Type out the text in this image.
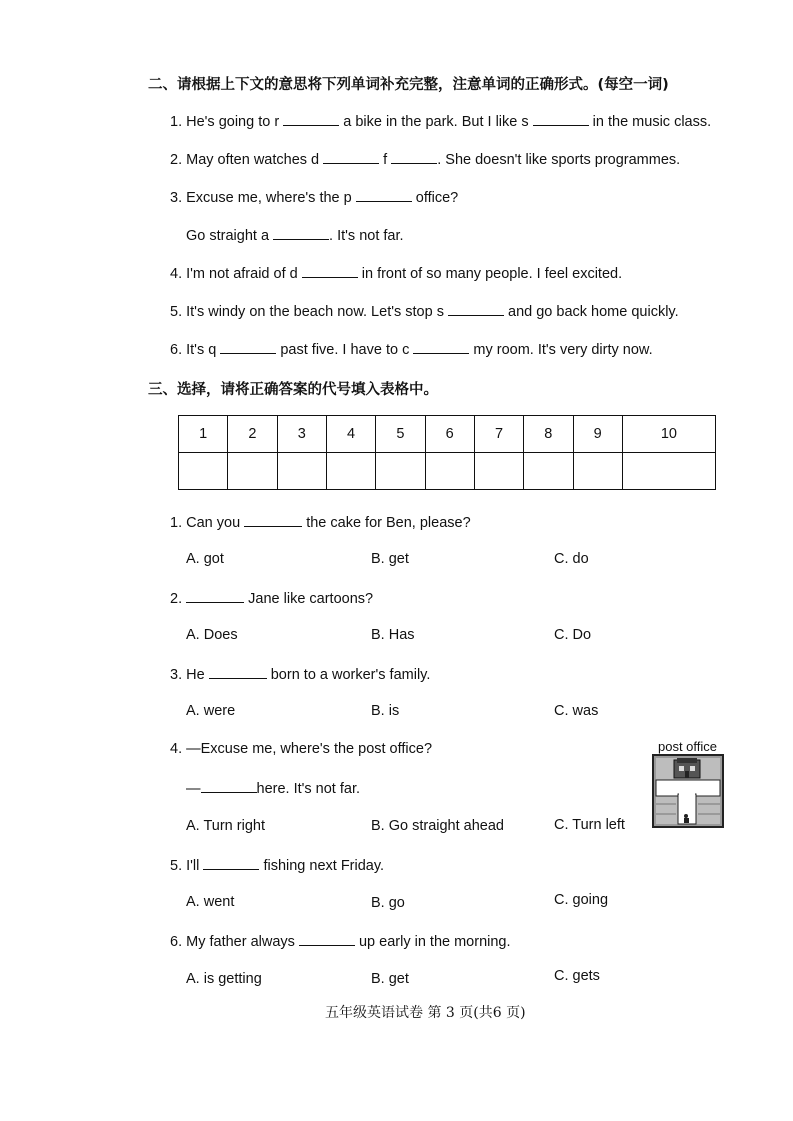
二、请根据上下文的意思将下列单词补充完整，注意单词的正确形式。(每空一词)
1. He's going to r	a bike in the park. But I like s	in the music class.
2. May often watches d	f	. She doesn't like sports programmes.
3. Excuse me, where's the p	office?
Go straight a	. It's not far.
4. I'm not afraid of d	in front of so many people. I feel excited.
5. It's windy on the beach now. Let's stop s	and go back home quickly.
6. It's q	past five. I have to c	my room. It's very dirty now.
三、选择，请将正确答案的代号填入表格中。
1	2	3	4	5	6	7	8	9	10

1. Can you	the cake for Ben, please?
A. got	B. get	C. do
2.	Jane like cartoons?
A. Does	B. Has	C. Do
3. He	born to a worker's family.
A. were	B. is	C. was
4. —Excuse me, where's the post office?
—	here. It's not far.
A. Turn right	B. Go straight ahead	C. Turn left
post office
5. I'll	fishing next Friday.
A. went	B. go	C. going
6. My father always	up early in the morning.
A. is getting	B. get	C. gets
五年级英语试卷 第 3 页(共6 页)
